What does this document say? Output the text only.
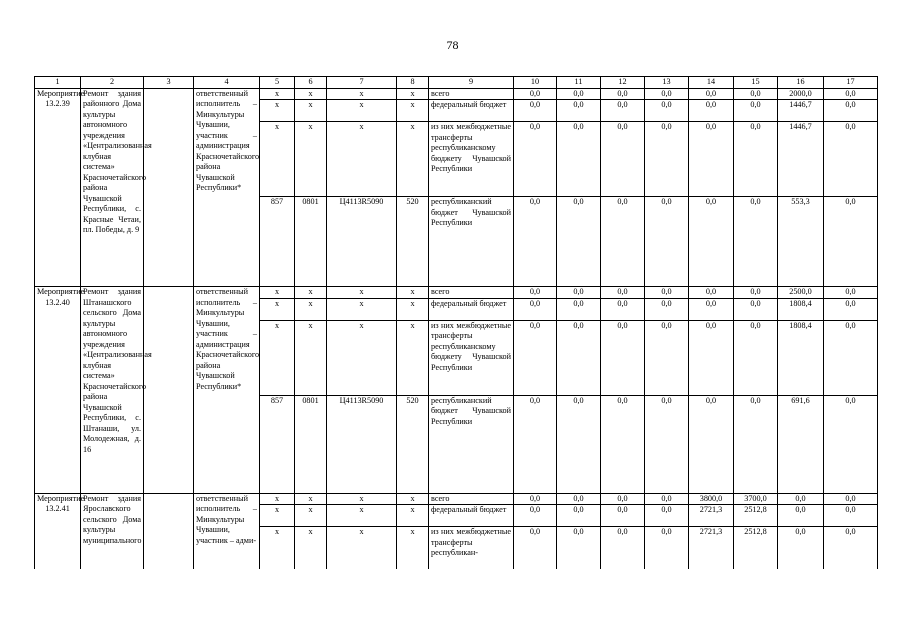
78
1	2	3	4	5	6	7	8	9	10	11	12	13	14	15	16	17
Мероприятие
13.2.39	Ремонт здания районного Дома культуры автономного учреждения «Централизованная клубная система» Красночетайского района Чувашской Республики, с. Красные Четаи, пл. Победы, д. 9		ответственный исполнитель – Минкультуры Чувашии, участник – администрация Красночетайского района Чувашской Республики*	x	x	x	x	всего	0,0	0,0	0,0	0,0	0,0	0,0	2000,0	0,0
				x	x	x	x	федеральный бюджет	0,0	0,0	0,0	0,0	0,0	0,0	1446,7	0,0
				x	x	x	x	из них межбюджетные трансферты республиканскому бюджету Чувашской Республики	0,0	0,0	0,0	0,0	0,0	0,0	1446,7	0,0
				857	0801	Ц4113R5090	520	республиканский бюджет Чувашской Республики	0,0	0,0	0,0	0,0	0,0	0,0	553,3	0,0
Мероприятие
13.2.40	Ремонт здания Штанашского сельского Дома культуры автономного учреждения «Централизованная клубная система» Красночетайского района Чувашской Республики, с. Штанаши, ул. Молодежная, д. 16		ответственный исполнитель – Минкультуры Чувашии, участник – администрация Красночетайского района Чувашской Республики*	x	x	x	x	всего	0,0	0,0	0,0	0,0	0,0	0,0	2500,0	0,0
				x	x	x	x	федеральный бюджет	0,0	0,0	0,0	0,0	0,0	0,0	1808,4	0,0
				x	x	x	x	из них межбюджетные трансферты республиканскому бюджету Чувашской Республики	0,0	0,0	0,0	0,0	0,0	0,0	1808,4	0,0
				857	0801	Ц4113R5090	520	республиканский бюджет Чувашской Республики	0,0	0,0	0,0	0,0	0,0	0,0	691,6	0,0
Мероприятие
13.2.41	Ремонт здания Ярославского сельского Дома культуры муниципального		ответственный исполнитель – Минкультуры Чувашии, участник – адми-	x	x	x	x	всего	0,0	0,0	0,0	0,0	3800,0	3700,0	0,0	0,0
				x	x	x	x	федеральный бюджет	0,0	0,0	0,0	0,0	2721,3	2512,8	0,0	0,0
				x	x	x	x	из них межбюджетные трансферты республикан-	0,0	0,0	0,0	0,0	2721,3	2512,8	0,0	0,0
